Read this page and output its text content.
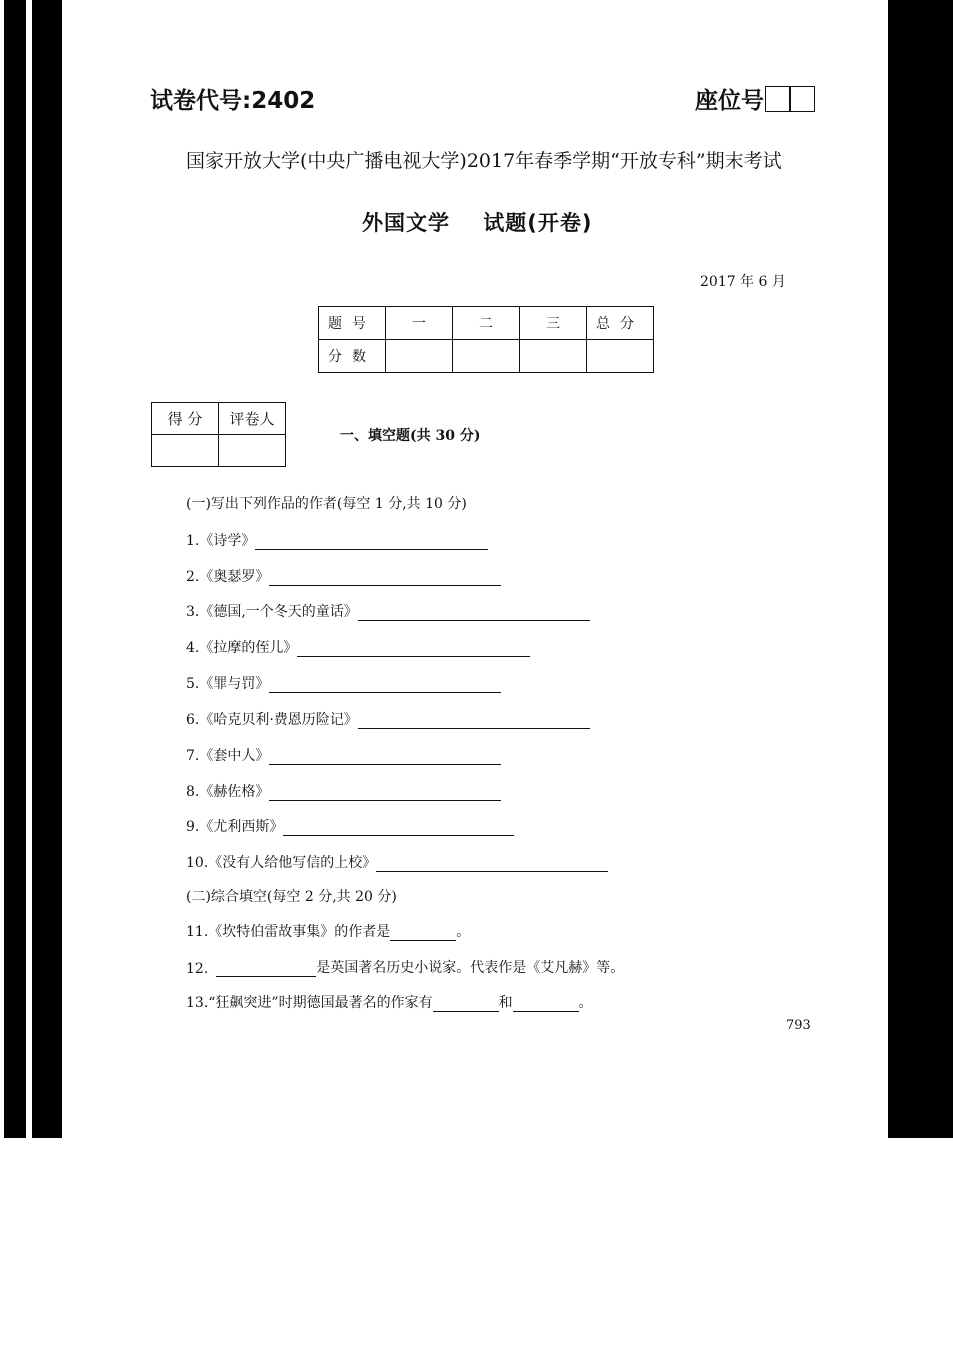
试卷代号:2402	座位号
国家开放大学(中央广播电视大学)2017年春季学期“开放专科”期末考试
外国文学    试题(开卷)
2017 年 6 月
题号	一	二	三	总分
分数				
得 分	评卷人

一、填空题(共 30 分)
(一)写出下列作品的作者(每空 1 分,共 10 分)
1.《诗学》
2.《奥瑟罗》
3.《德国,一个冬天的童话》
4.《拉摩的侄儿》
5.《罪与罚》
6.《哈克贝利·费恩历险记》
7.《套中人》
8.《赫佐格》
9.《尤利西斯》
10.《没有人给他写信的上校》
(二)综合填空(每空 2 分,共 20 分)
11.《坎特伯雷故事集》的作者是	。
12.	是英国著名历史小说家。代表作是《艾凡赫》等。
13.“狂飙突进”时期德国最著名的作家有	和	。
793
